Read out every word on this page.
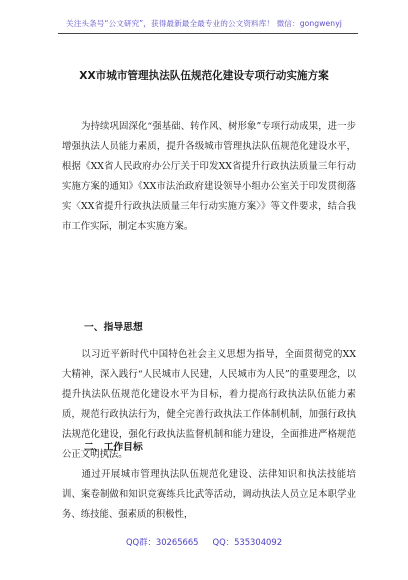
关注头条号“公文研究”，获得最新最全最专业的公文资料库！ 微信：gongwenyj
XX市城市管理执法队伍规范化建设专项行动实施方案

为持续巩固深化“强基础、转作风、树形象”专项行动成果，进一步增强执法人员能力素质，提升各级城市管理执法队伍规范化建设水平，根据《XX省人民政府办公厅关于印发XX省提升行政执法质量三年行动实施方案的通知》《XX市法治政府建设领导小组办公室关于印发贯彻落实〈XX省提升行政执法质量三年行动实施方案〉》等文件要求，结合我市工作实际，制定本实施方案。

一、指导思想

以习近平新时代中国特色社会主义思想为指导，全面贯彻党的XX大精神，深入践行“人民城市人民建，人民城市为人民”的重要理念，以提升执法队伍规范化建设水平为目标，着力提高行政执法队伍能力素质，规范行政执法行为，健全完善行政执法工作体制机制，加强行政执法规范化建设，强化行政执法监督机制和能力建设，全面推进严格规范公正文明执法。

二、工作目标

通过开展城市管理执法队伍规范化建设、法律知识和执法技能培训、案卷制做和知识竞赛练兵比武等活动，调动执法人员立足本职学业务、练技能、强素质的积极性，

QQ群：30265665 QQ：535304092
